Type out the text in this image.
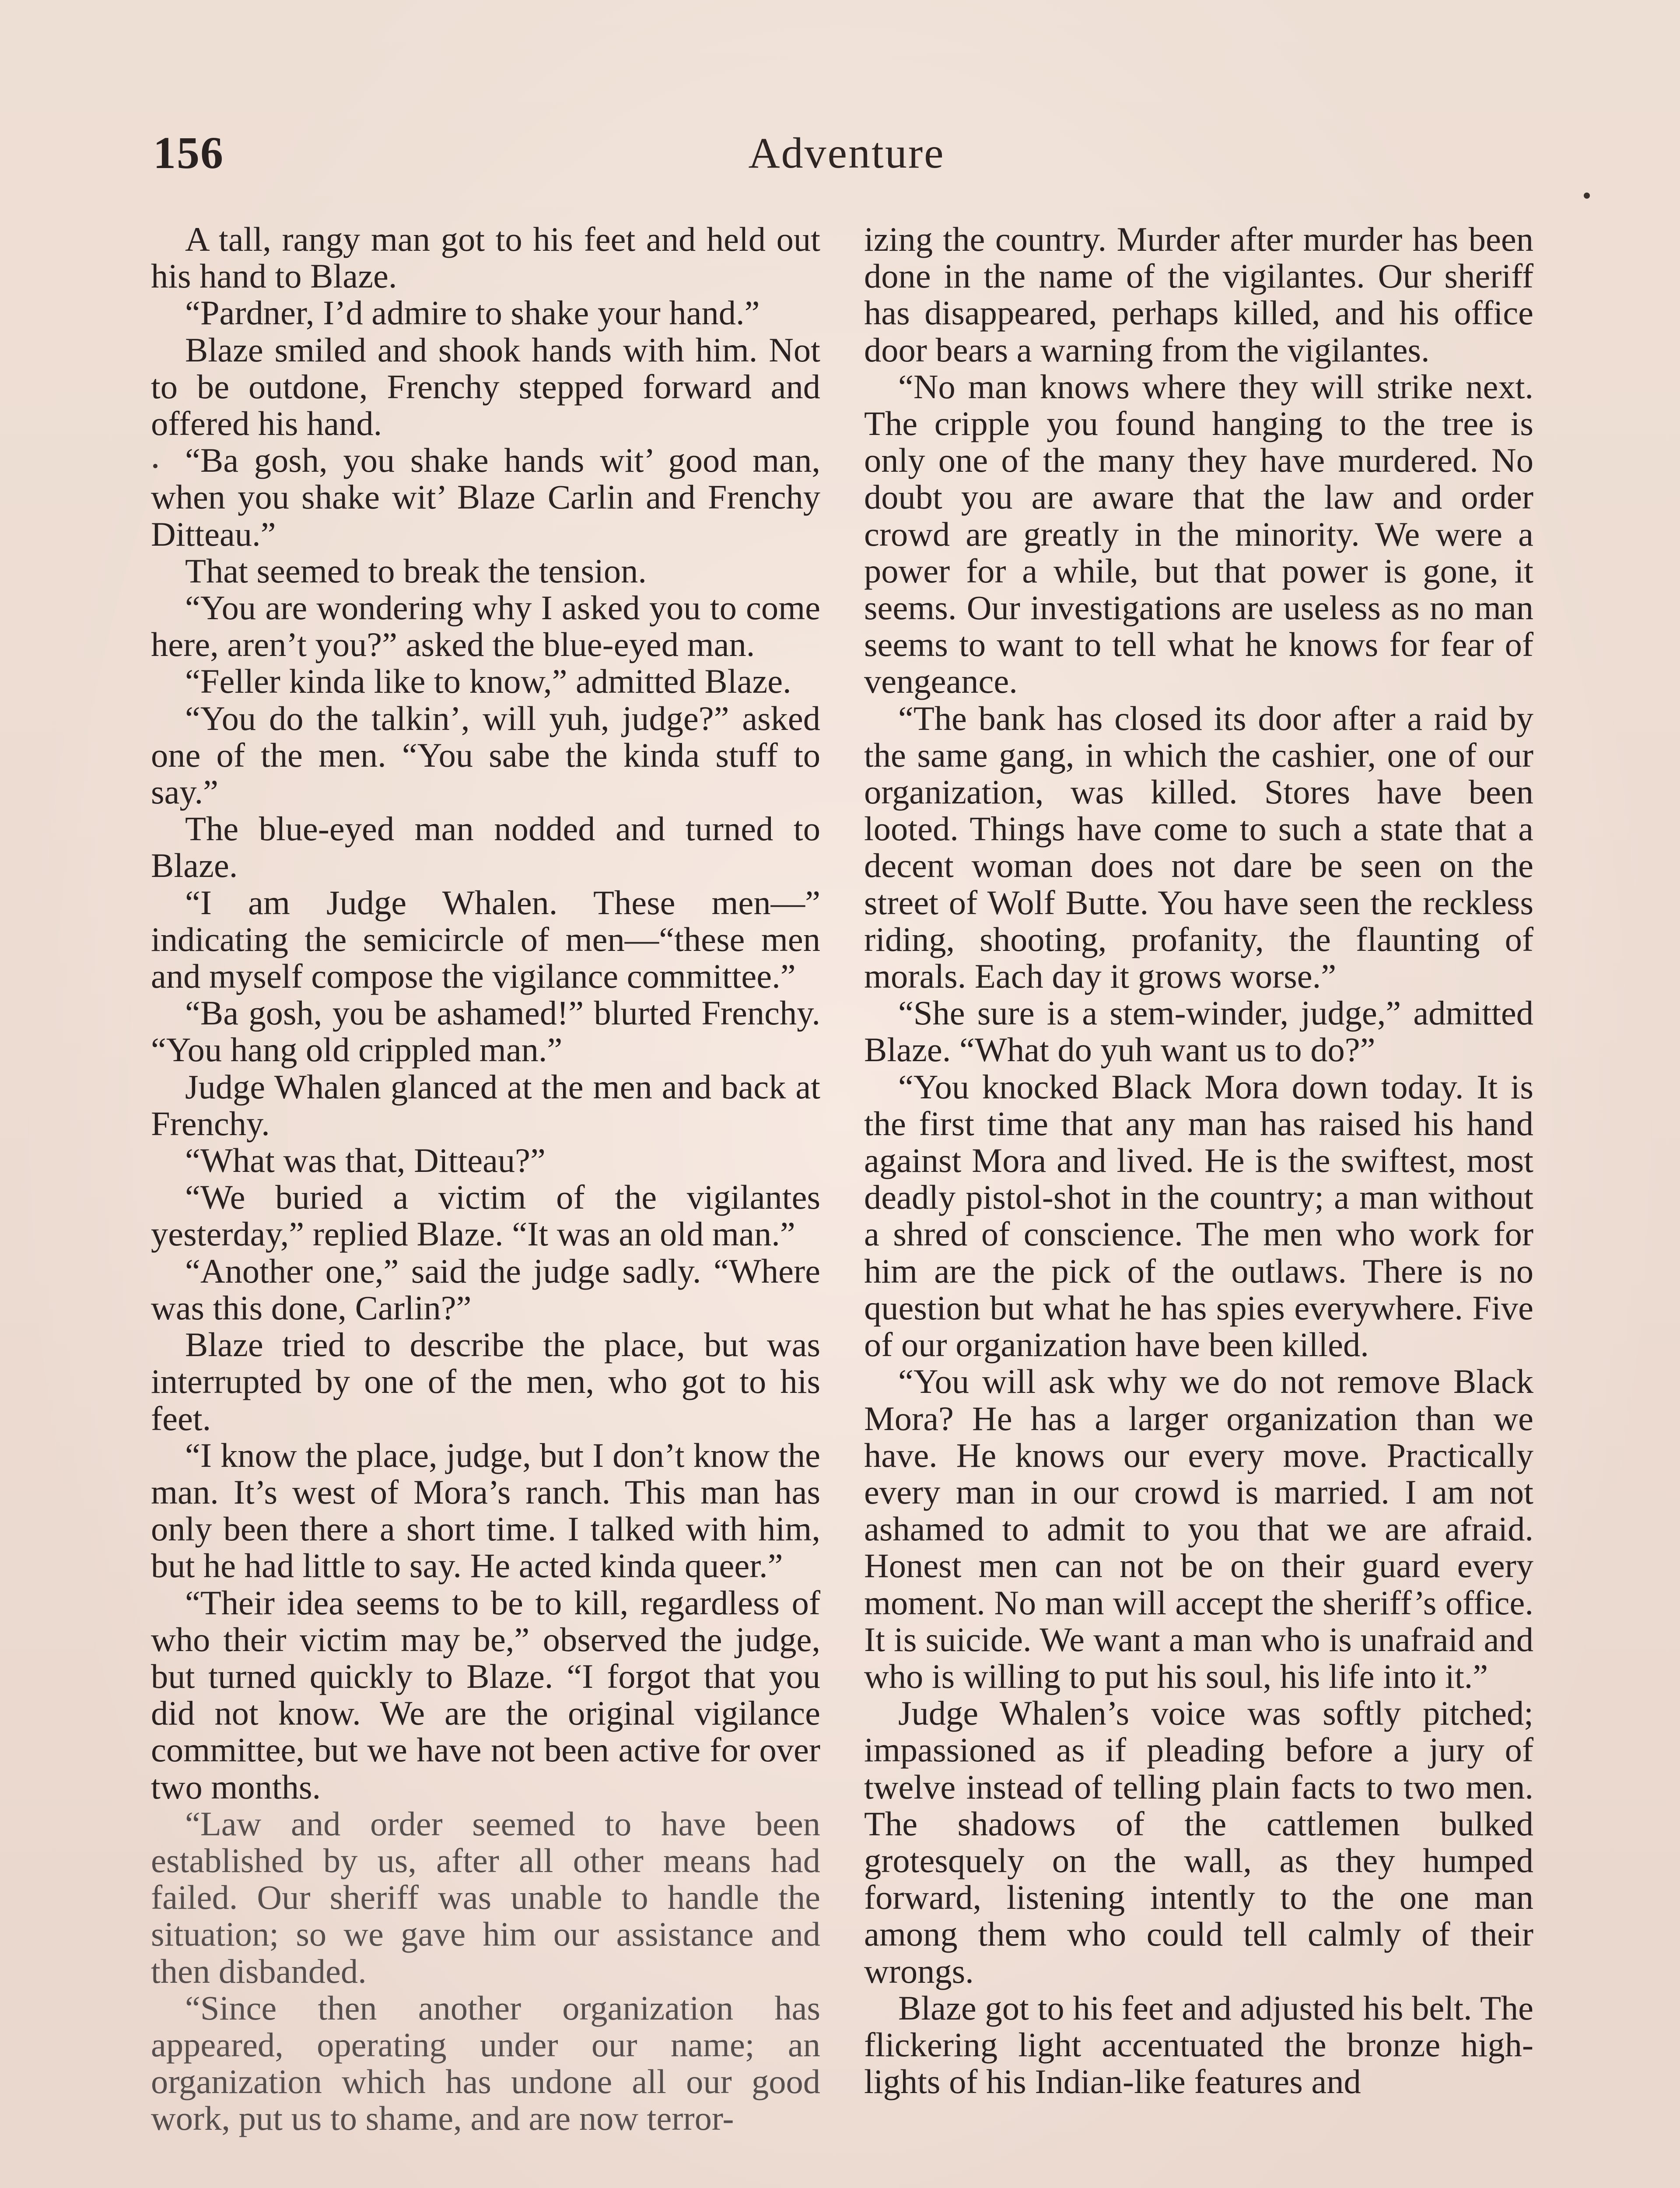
156	Adventure

A tall, rangy man got to his feet and held out his hand to Blaze.

“Pardner, I’d admire to shake your hand.”

Blaze smiled and shook hands with him. Not to be outdone, Frenchy stepped forward and offered his hand.

“Ba gosh, you shake hands wit’ good man, when you shake wit’ Blaze Carlin and Frenchy Ditteau.”

That seemed to break the tension.

“You are wondering why I asked you to come here, aren’t you?” asked the blue-eyed man.

“Feller kinda like to know,” admitted Blaze.

“You do the talkin’, will yuh, judge?” asked one of the men. “You sabe the kinda stuff to say.”

The blue-eyed man nodded and turned to Blaze.

“I am Judge Whalen. These men—” indicating the semicircle of men—“these men and myself compose the vigilance committee.”

“Ba gosh, you be ashamed!” blurted Frenchy. “You hang old crippled man.”

Judge Whalen glanced at the men and back at Frenchy.

“What was that, Ditteau?”

“We buried a victim of the vigilantes yesterday,” replied Blaze. “It was an old man.”

“Another one,” said the judge sadly. “Where was this done, Carlin?”

Blaze tried to describe the place, but was interrupted by one of the men, who got to his feet.

“I know the place, judge, but I don’t know the man. It’s west of Mora’s ranch. This man has only been there a short time. I talked with him, but he had little to say. He acted kinda queer.”

“Their idea seems to be to kill, regardless of who their victim may be,” observed the judge, but turned quickly to Blaze. “I forgot that you did not know. We are the original vigilance committee, but we have not been active for over two months.

“Law and order seemed to have been established by us, after all other means had failed. Our sheriff was unable to handle the situation; so we gave him our assistance and then disbanded.

“Since then another organization has appeared, operating under our name; an organization which has undone all our good work, put us to shame, and are now terror-

izing the country. Murder after murder has been done in the name of the vigilantes. Our sheriff has disappeared, perhaps killed, and his office door bears a warning from the vigilantes.

“No man knows where they will strike next. The cripple you found hanging to the tree is only one of the many they have murdered. No doubt you are aware that the law and order crowd are greatly in the minority. We were a power for a while, but that power is gone, it seems. Our investigations are useless as no man seems to want to tell what he knows for fear of vengeance.

“The bank has closed its door after a raid by the same gang, in which the cashier, one of our organization, was killed. Stores have been looted. Things have come to such a state that a decent woman does not dare be seen on the street of Wolf Butte. You have seen the reckless riding, shooting, profanity, the flaunting of morals. Each day it grows worse.”

“She sure is a stem-winder, judge,” admitted Blaze. “What do yuh want us to do?”

“You knocked Black Mora down today. It is the first time that any man has raised his hand against Mora and lived. He is the swiftest, most deadly pistol-shot in the country; a man without a shred of conscience. The men who work for him are the pick of the outlaws. There is no question but what he has spies everywhere. Five of our organization have been killed.

“You will ask why we do not remove Black Mora? He has a larger organization than we have. He knows our every move. Practically every man in our crowd is married. I am not ashamed to admit to you that we are afraid. Honest men can not be on their guard every moment. No man will accept the sheriff’s office. It is suicide. We want a man who is unafraid and who is willing to put his soul, his life into it.”

Judge Whalen’s voice was softly pitched; impassioned as if pleading before a jury of twelve instead of telling plain facts to two men. The shadows of the cattlemen bulked grotesquely on the wall, as they humped forward, listening intently to the one man among them who could tell calmly of their wrongs.

Blaze got to his feet and adjusted his belt. The flickering light accentuated the bronze high-lights of his Indian-like features and
